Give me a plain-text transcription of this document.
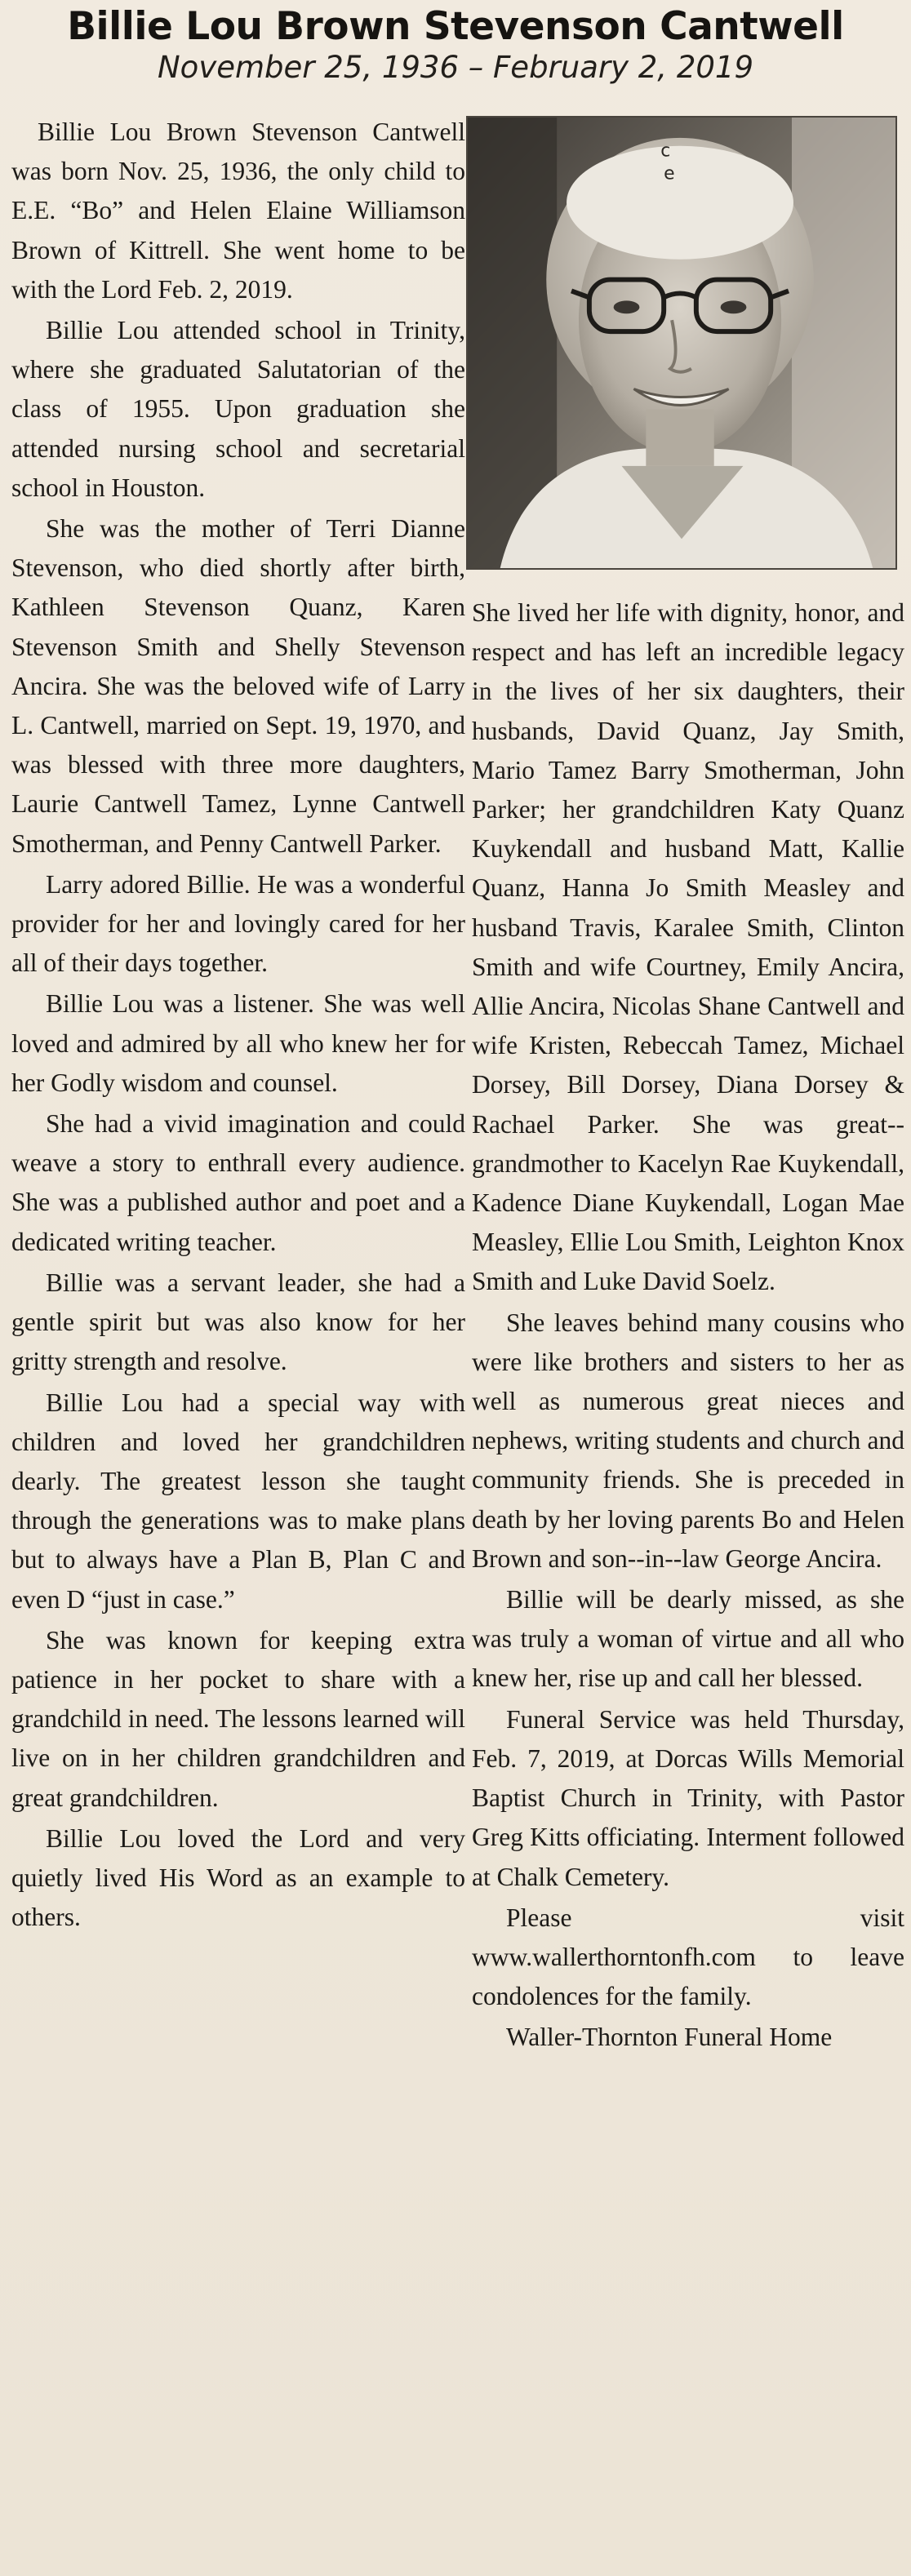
Billie Lou Brown Stevenson Cantwell
November 25, 1936 – February 2, 2019

Billie Lou Brown Stevenson Cantwell was born Nov. 25, 1936, the only child to E.E. “Bo” and Helen Elaine Williamson Brown of Kittrell. She went home to be with the Lord Feb. 2, 2019.

Billie Lou attended school in Trinity, where she graduated Salutatorian of the class of 1955. Upon graduation she attended nursing school and secretarial school in Houston.

She was the mother of Terri Dianne Stevenson, who died shortly after birth, Kathleen Stevenson Quanz, Karen Stevenson Smith and Shelly Stevenson Ancira. She was the beloved wife of Larry L. Cantwell, married on Sept. 19, 1970, and was blessed with three more daughters, Laurie Cantwell Tamez, Lynne Cantwell Smotherman, and Penny Cantwell Parker.

Larry adored Billie. He was a wonderful provider for her and lovingly cared for her all of their days together.

Billie Lou was a listener. She was well loved and admired by all who knew her for her Godly wisdom and counsel.

She had a vivid imagination and could weave a story to enthrall every audience. She was a published author and poet and a dedicated writing teacher.

Billie was a servant leader, she had a gentle spirit but was also know for her gritty strength and resolve.

Billie Lou had a special way with children and loved her grandchildren dearly. The greatest lesson she taught through the generations was to make plans but to always have a Plan B, Plan C and even D “just in case.”

She was known for keeping extra patience in her pocket to share with a grandchild in need. The lessons learned will live on in her children grandchildren and great grandchildren.

Billie Lou loved the Lord and very quietly lived His Word as an example to others.

c
e

She lived her life with dignity, honor, and respect and has left an incredible legacy in the lives of her six daughters, their husbands, David Quanz, Jay Smith, Mario Tamez Barry Smotherman, John Parker; her grandchildren Katy Quanz Kuykendall and husband Matt, Kallie Quanz, Hanna Jo Smith Measley and husband Travis, Karalee Smith, Clinton Smith and wife Courtney, Emily Ancira, Allie Ancira, Nicolas Shane Cantwell and wife Kristen, Rebeccah Tamez, Michael Dorsey, Bill Dorsey, Diana Dorsey & Rachael Parker. She was great--grandmother to Kacelyn Rae Kuykendall, Kadence Diane Kuykendall, Logan Mae Measley, Ellie Lou Smith, Leighton Knox Smith and Luke David Soelz.

She leaves behind many cousins who were like brothers and sisters to her as well as numerous great nieces and nephews, writing students and church and community friends. She is preceded in death by her loving parents Bo and Helen Brown and son--in--law George Ancira.

Billie will be dearly missed, as she was truly a woman of virtue and all who knew her, rise up and call her blessed.

Funeral Service was held Thursday, Feb. 7, 2019, at Dorcas Wills Memorial Baptist Church in Trinity, with Pastor Greg Kitts officiating. Interment followed at Chalk Cemetery.

Please visit www.wallerthorntonfh.com to leave condolences for the family.

Waller-Thornton Funeral Home
